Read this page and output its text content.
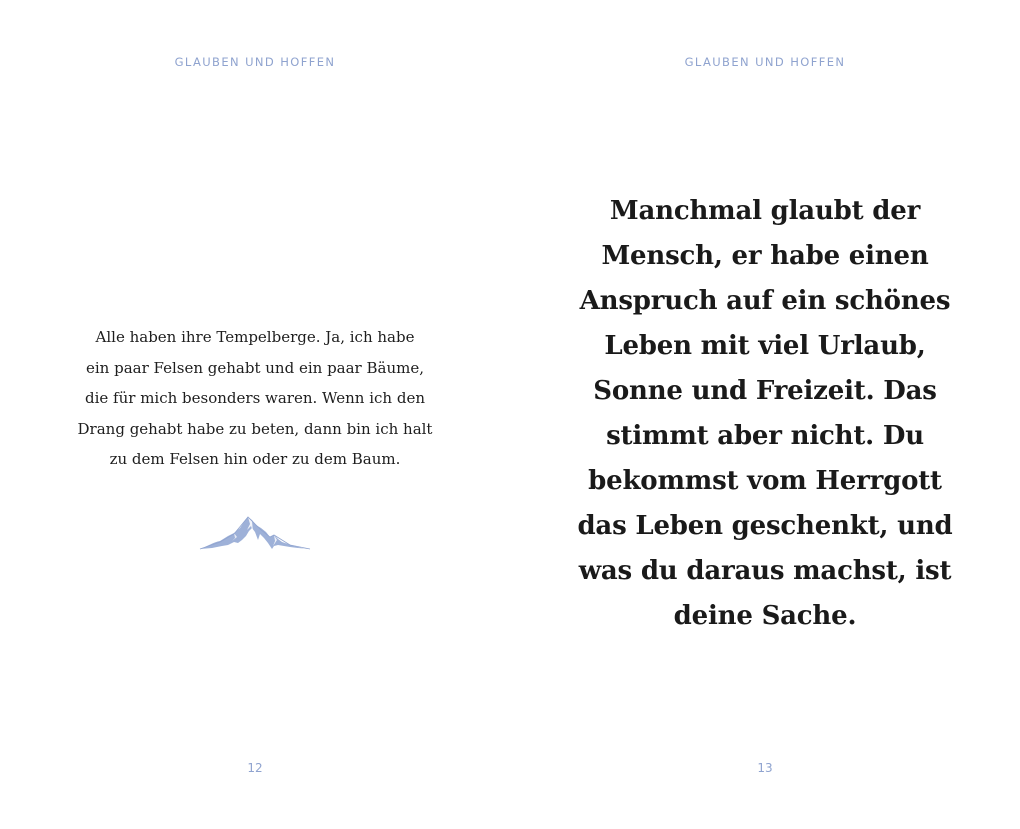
GLAUBEN UND HOFFEN

Alle haben ihre Tempelberge. Ja, ich habe
ein paar Felsen gehabt und ein paar Bäume,
die für mich besonders waren. Wenn ich den
Drang gehabt habe zu beten, dann bin ich halt
zu dem Felsen hin oder zu dem Baum.

12
GLAUBEN UND HOFFEN

Manchmal glaubt der
Mensch, er habe einen
Anspruch auf ein schönes
Leben mit viel Urlaub,
Sonne und Freizeit. Das
stimmt aber nicht. Du
bekommst vom Herrgott
das Leben geschenkt, und
was du daraus machst, ist
deine Sache.

13
